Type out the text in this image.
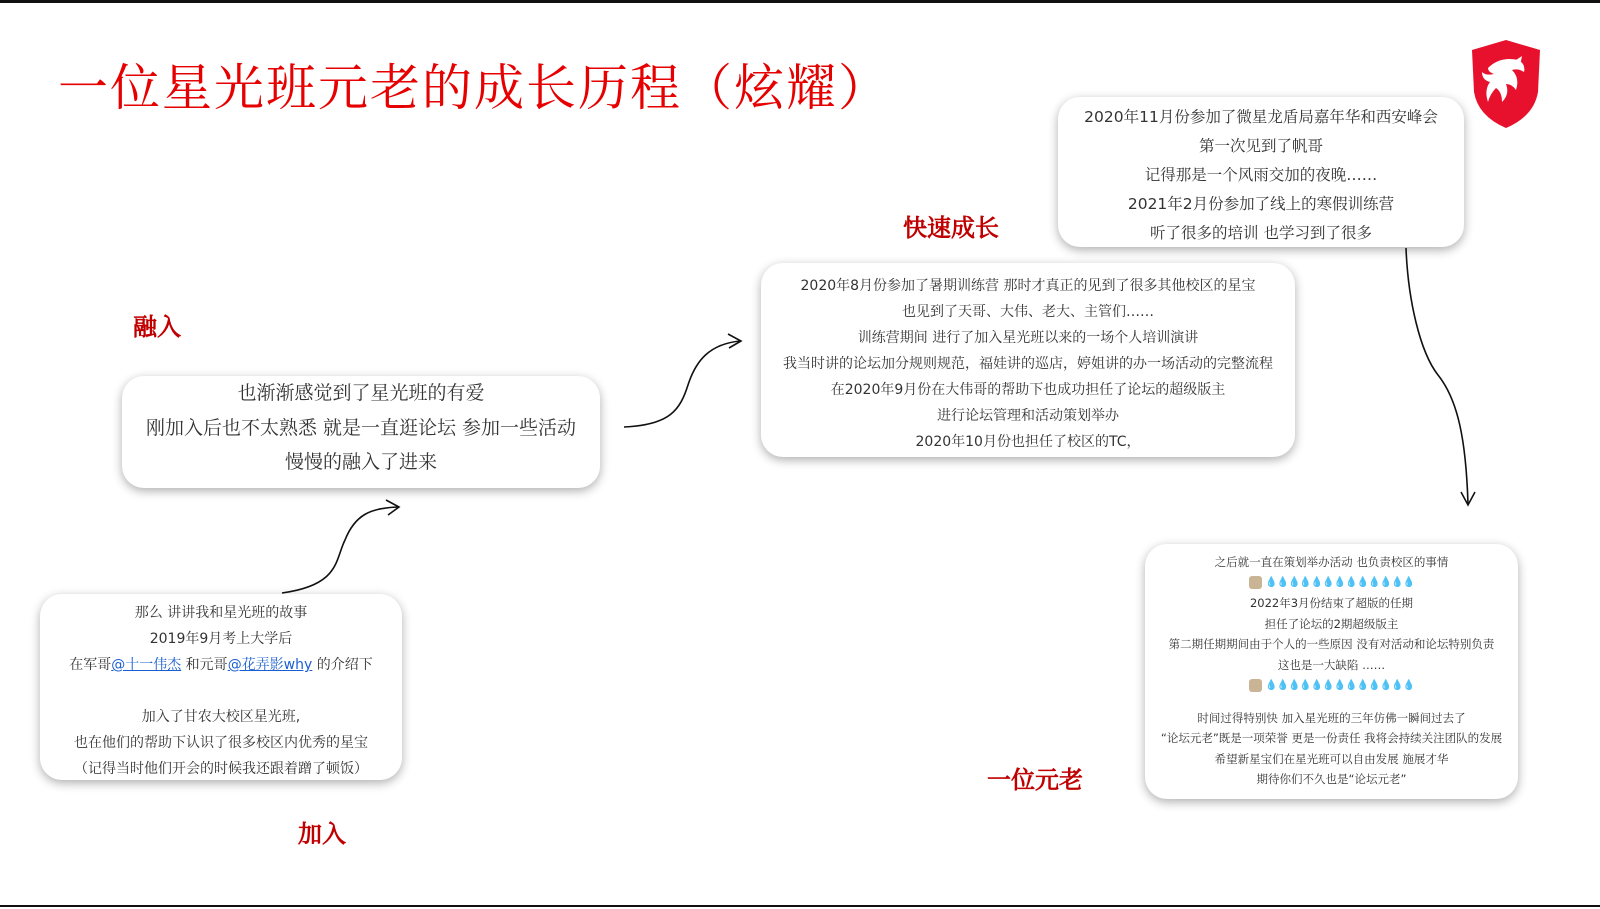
一位星光班元老的成长历程（炫耀）
加入
融入
快速成长
一位元老
那么 讲讲我和星光班的故事
2019年9月考上大学后
在军哥@十一伟杰 和元哥@花弄影why 的介绍下
加入了甘农大校区星光班,
也在他们的帮助下认识了很多校区内优秀的星宝
（记得当时他们开会的时候我还跟着蹭了顿饭）
也渐渐感觉到了星光班的有爱
刚加入后也不太熟悉 就是一直逛论坛 参加一些活动
慢慢的融入了进来
2020年8月份参加了暑期训练营 那时才真正的见到了很多其他校区的星宝
也见到了天哥、大伟、老大、主管们……
训练营期间 进行了加入星光班以来的一场个人培训演讲
我当时讲的论坛加分规则规范，福娃讲的巡店，婷姐讲的办一场活动的完整流程
在2020年9月份在大伟哥的帮助下也成功担任了论坛的超级版主
进行论坛管理和活动策划举办
2020年10月份也担任了校区的TC，
2020年11月份参加了微星龙盾局嘉年华和西安峰会
第一次见到了帆哥
记得那是一个风雨交加的夜晚……
2021年2月份参加了线上的寒假训练营
听了很多的培训 也学习到了很多
之后就一直在策划举办活动 也负责校区的事情
💧💧💧💧💧💧💧💧💧💧💧💧💧
2022年3月份结束了超版的任期
担任了论坛的2期超级版主
第二期任期期间由于个人的一些原因 没有对活动和论坛特别负责
这也是一大缺陷 ……
💧💧💧💧💧💧💧💧💧💧💧💧💧
时间过得特别快 加入星光班的三年仿佛一瞬间过去了
“论坛元老”既是一项荣誉 更是一份责任 我将会持续关注团队的发展
希望新星宝们在星光班可以自由发展 施展才华
期待你们不久也是“论坛元老”
